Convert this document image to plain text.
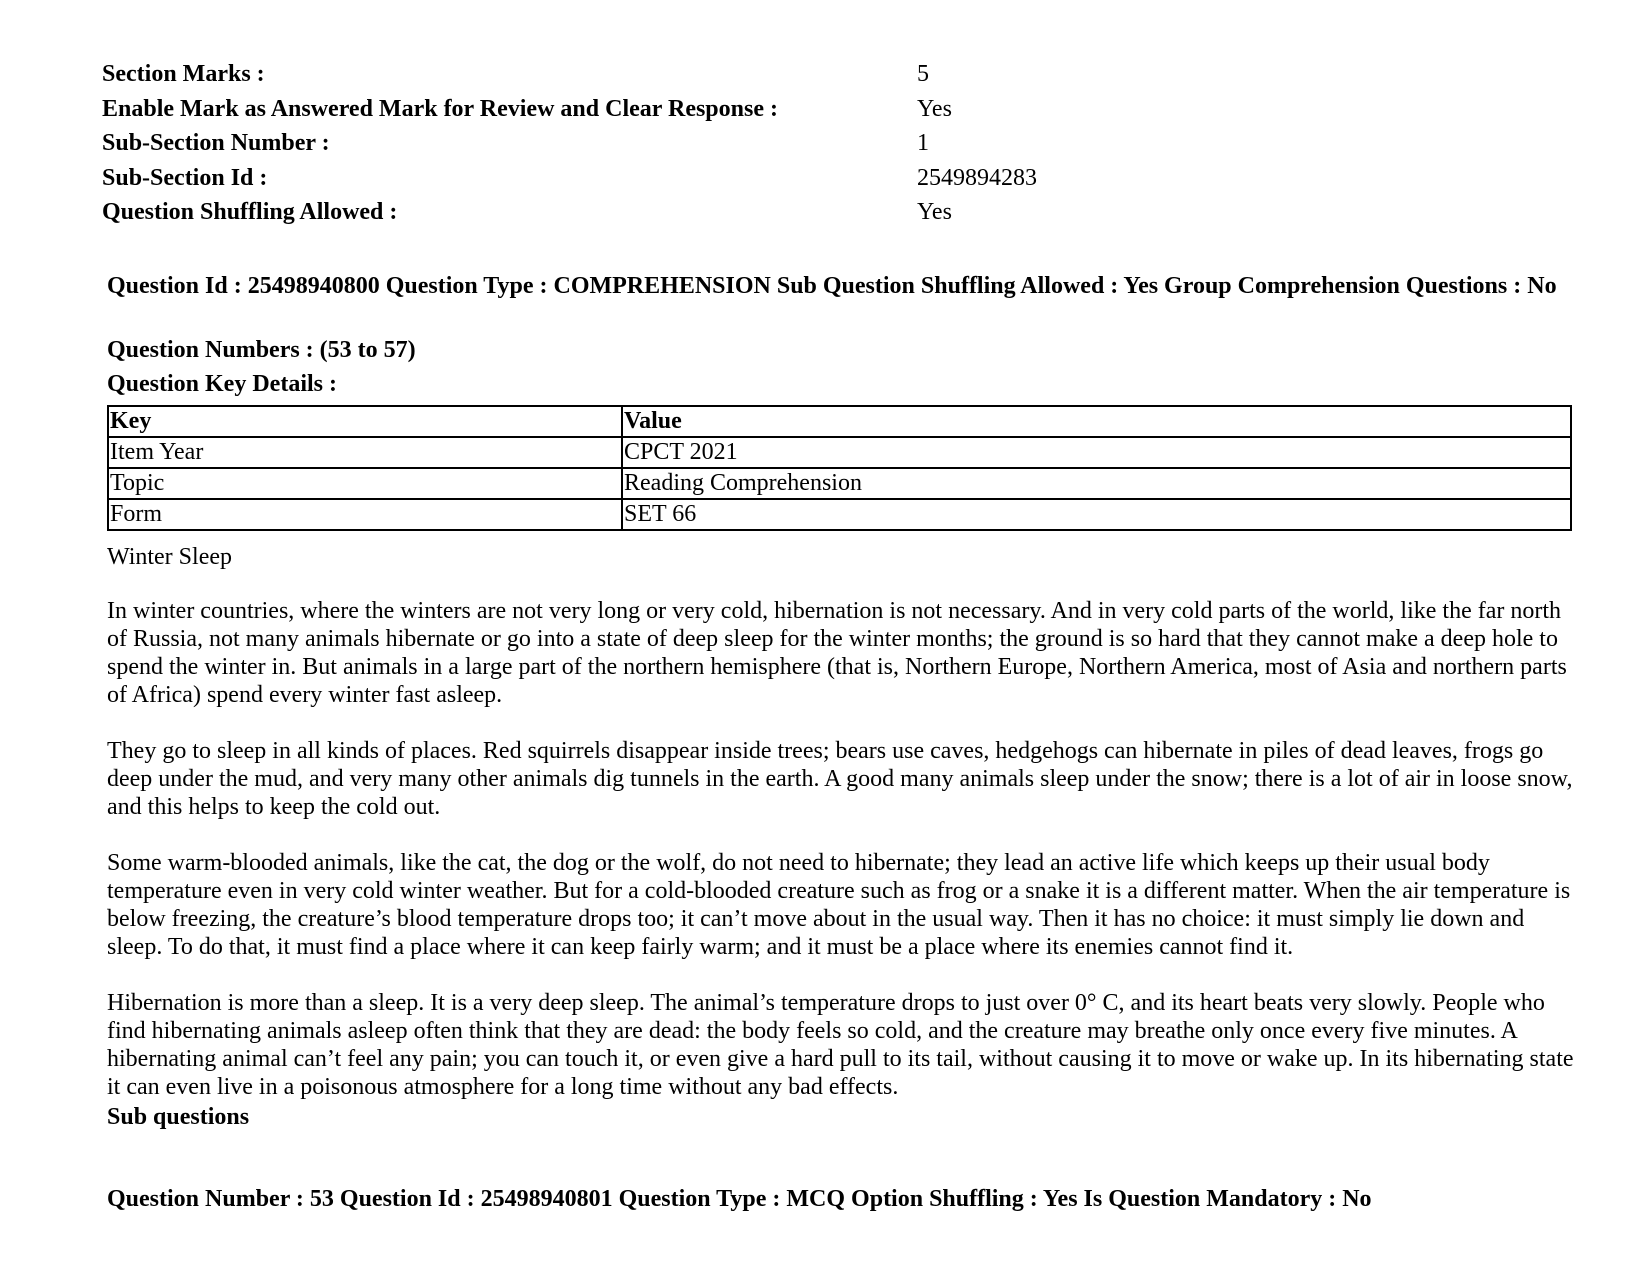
Section Marks :	5
Enable Mark as Answered Mark for Review and Clear Response :	Yes
Sub-Section Number :	1
Sub-Section Id :	2549894283
Question Shuffling Allowed :	Yes
Question Id : 25498940800 Question Type : COMPREHENSION Sub Question Shuffling Allowed : Yes Group Comprehension Questions : No
Question Numbers : (53 to 57)
Question Key Details :
Key	Value
Item Year	CPCT 2021
Topic	Reading Comprehension
Form	SET 66
Winter Sleep

In winter countries, where the winters are not very long or very cold, hibernation is not necessary. And in very cold parts of the world, like the far north of Russia, not many animals hibernate or go into a state of deep sleep for the winter months; the ground is so hard that they cannot make a deep hole to spend the winter in. But animals in a large part of the northern hemisphere (that is, Northern Europe, Northern America, most of Asia and northern parts of Africa) spend every winter fast asleep.

They go to sleep in all kinds of places. Red squirrels disappear inside trees; bears use caves, hedgehogs can hibernate in piles of dead leaves, frogs go deep under the mud, and very many other animals dig tunnels in the earth. A good many animals sleep under the snow; there is a lot of air in loose snow, and this helps to keep the cold out.

Some warm-blooded animals, like the cat, the dog or the wolf, do not need to hibernate; they lead an active life which keeps up their usual body temperature even in very cold winter weather. But for a cold-blooded creature such as frog or a snake it is a different matter. When the air temperature is below freezing, the creature’s blood temperature drops too; it can’t move about in the usual way. Then it has no choice: it must simply lie down and sleep. To do that, it must find a place where it can keep fairly warm; and it must be a place where its enemies cannot find it.

Hibernation is more than a sleep. It is a very deep sleep. The animal’s temperature drops to just over 0° C, and its heart beats very slowly. People who find hibernating animals asleep often think that they are dead: the body feels so cold, and the creature may breathe only once every five minutes. A hibernating animal can’t feel any pain; you can touch it, or even give a hard pull to its tail, without causing it to move or wake up. In its hibernating state it can even live in a poisonous atmosphere for a long time without any bad effects.

Sub questions
Question Number : 53 Question Id : 25498940801 Question Type : MCQ Option Shuffling : Yes Is Question Mandatory : No
